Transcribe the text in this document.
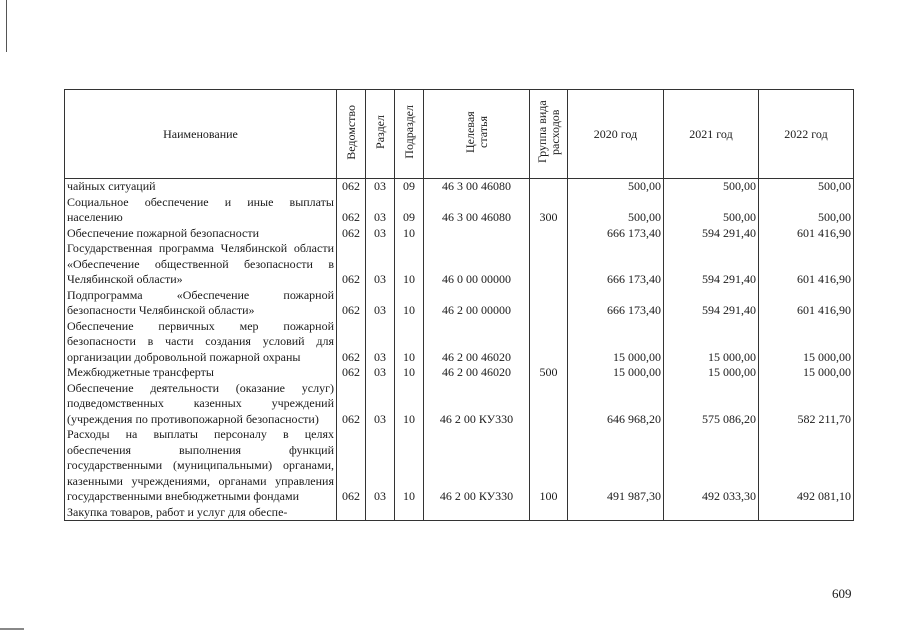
Наименование	Ведомство	Раздел	Подраздел	Целевая статья	Группа вида расходов	2020 год	2021 год	2022 год
чайных ситуаций	062	03	09	46 3 00 46080		500,00	500,00	500,00
Социальное обеспечение и иные выплаты населению	062	03	09	46 3 00 46080	300	500,00	500,00	500,00
Обеспечение пожарной безопасности	062	03	10			666 173,40	594 291,40	601 416,90
Государственная программа Челябинской области «Обеспечение общественной безопасности в Челябинской области»	062	03	10	46 0 00 00000		666 173,40	594 291,40	601 416,90
Подпрограмма «Обеспечение пожарной безопасности Челябинской области»	062	03	10	46 2 00 00000		666 173,40	594 291,40	601 416,90
Обеспечение первичных мер пожарной безопасности в части создания условий для организации добровольной пожарной охраны	062	03	10	46 2 00 46020		15 000,00	15 000,00	15 000,00
Межбюджетные трансферты	062	03	10	46 2 00 46020	500	15 000,00	15 000,00	15 000,00
Обеспечение деятельности (оказание услуг) подведомственных казенных учреждений (учреждения по противопожарной безопасности)	062	03	10	46 2 00 КУ330		646 968,20	575 086,20	582 211,70
Расходы на выплаты персоналу в целях обеспечения выполнения функций государственными (муниципальными) органами, казенными учреждениями, органами управления государственными внебюджетными фондами	062	03	10	46 2 00 КУ330	100	491 987,30	492 033,30	492 081,10
Закупка товаров, работ и услуг для обеспе-								
609
